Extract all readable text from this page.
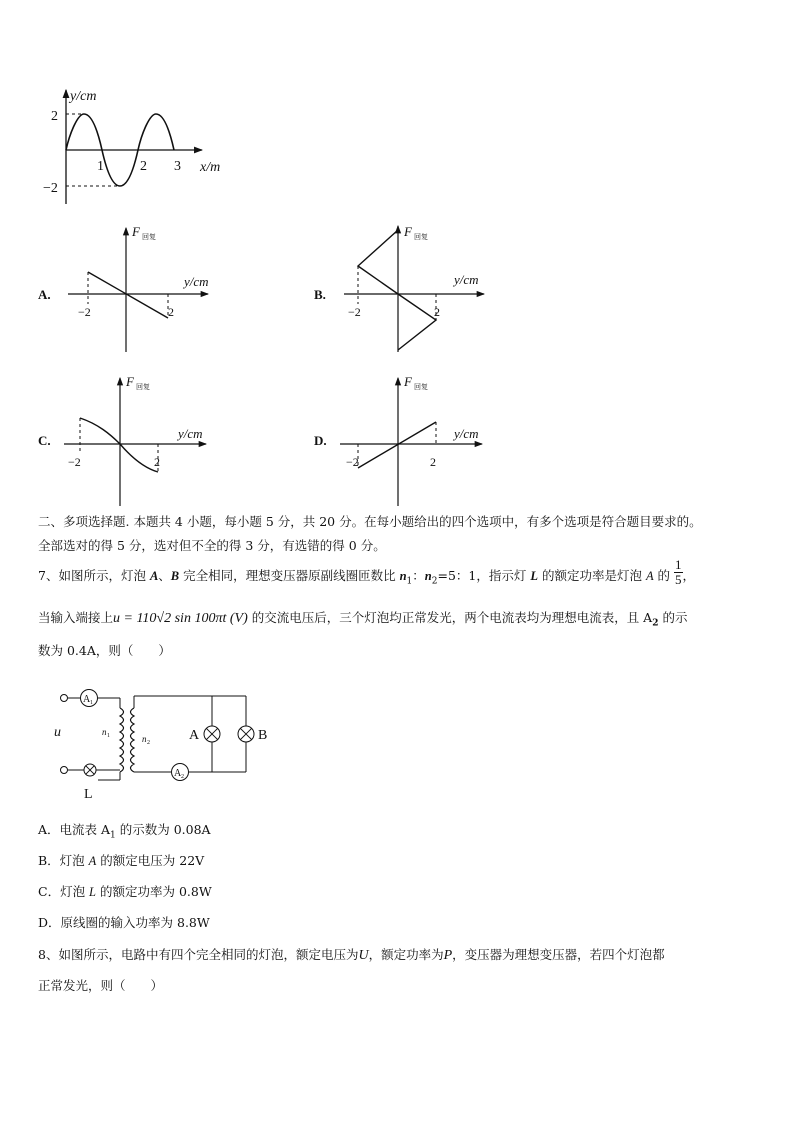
y/cm
x/m
2
−2
1	2 3
A.
F 回复
y/cm
−2	2
B.
F 回复
y/cm
−2	2
C.
F 回复
y/cm
−2	2
D.
F 回复
y/cm
−2	2
二、多项选择题. 本题共 4 小题，每小题 5 分，共 20 分。在每小题给出的四个选项中，有多个选项是符合题目要求的。
全部选对的得 5 分，选对但不全的得 3 分，有选错的得 0 分。
7、如图所示，灯泡 A、B 完全相同，理想变压器原副线圈匝数比 $n_1$：$n_2=5$：1，指示灯 L 的额定功率是灯泡 A 的 $\frac{1}{5}$ ，
当输入端接上u = 110√2 sin 100πt (V) 的交流电压后，三个灯泡均正常发光，两个电流表均为理想电流表，且 $A_2$ 的示
数为 0.4A，则（　　）
A 1
u	n 1
L
n 2	A	B
A 2
A．电流表 $A_1$ 的示数为 0.08A
B．灯泡 A 的额定电压为 22V
C．灯泡 L 的额定功率为 0.8W
D．原线圈的输入功率为 8.8W
8、如图所示，电路中有四个完全相同的灯泡，额定电压为U，额定功率为P，变压器为理想变压器，若四个灯泡都
正常发光，则（　　）
